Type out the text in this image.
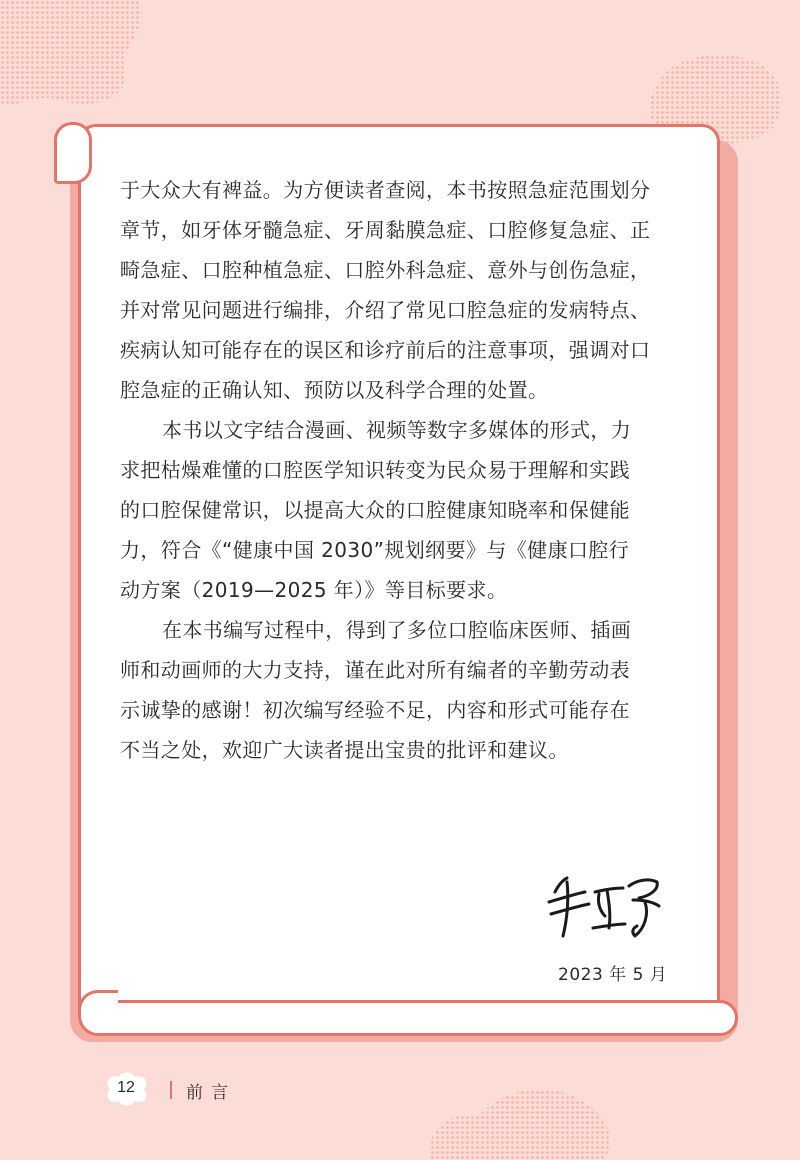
于大众大有裨益。为方便读者查阅，本书按照急症范围划分
章节，如牙体牙髓急症、牙周黏膜急症、口腔修复急症、正
畸急症、口腔种植急症、口腔外科急症、意外与创伤急症，
并对常见问题进行编排，介绍了常见口腔急症的发病特点、
疾病认知可能存在的误区和诊疗前后的注意事项，强调对口
腔急症的正确认知、预防以及科学合理的处置。
本书以文字结合漫画、视频等数字多媒体的形式，力
求把枯燥难懂的口腔医学知识转变为民众易于理解和实践
的口腔保健常识，以提高大众的口腔健康知晓率和保健能
力，符合《“健康中国 2030”规划纲要》与《健康口腔行
动方案（2019—2025 年）》等目标要求。
在本书编写过程中，得到了多位口腔临床医师、插画
师和动画师的大力支持，谨在此对所有编者的辛勤劳动表
示诚挚的感谢！初次编写经验不足，内容和形式可能存在
不当之处，欢迎广大读者提出宝贵的批评和建议。
2023 年 5 月
12	前言
